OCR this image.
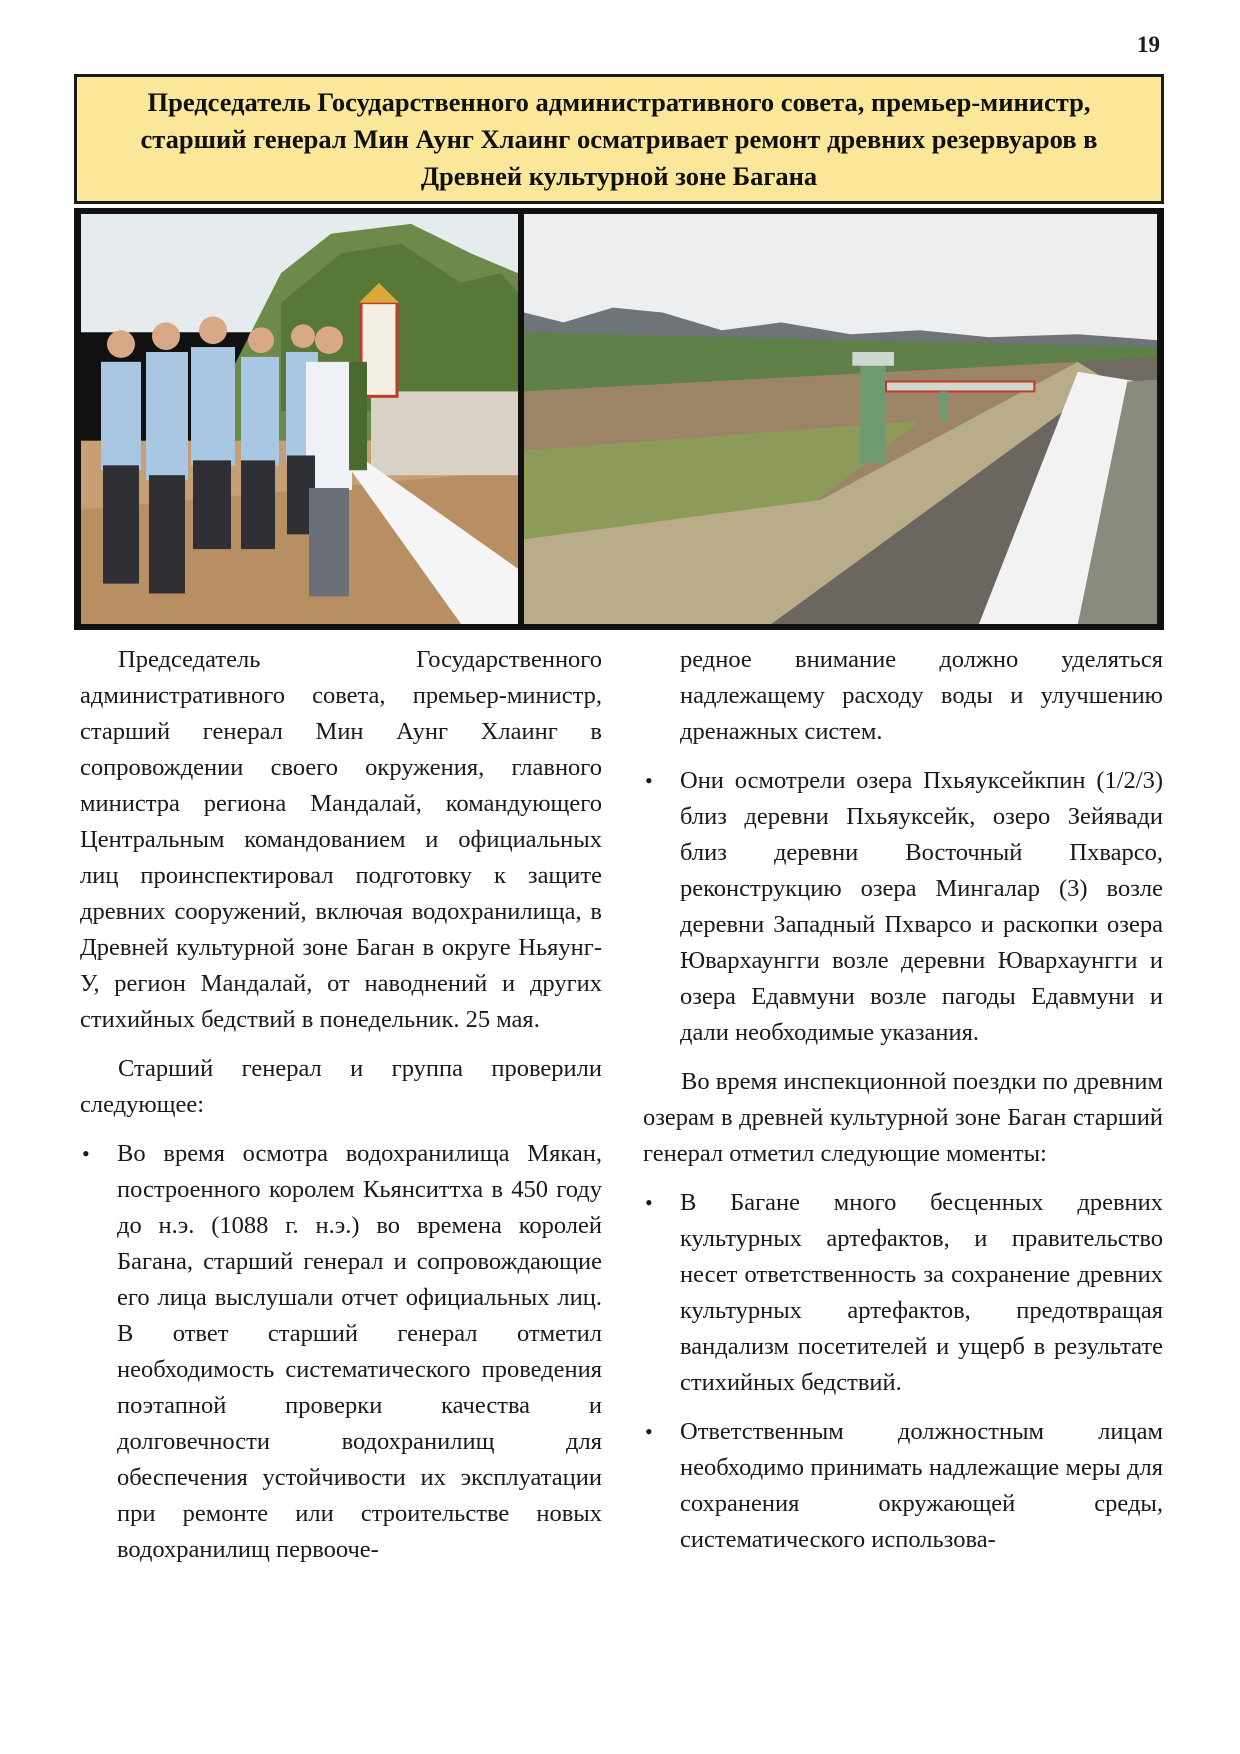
19
Председатель Государственного административного совета, премьер-министр, старший генерал Мин Аунг Хлаинг осматривает ремонт древних резервуаров в Древней культурной зоне Багана

Председатель Государственного административного совета, премьер-министр, старший генерал Мин Аунг Хлаинг в сопровождении своего окружения, главного министра региона Мандалай, командующего Центральным командованием и официальных лиц проинспектировал подготовку к защите древних сооружений, включая водохранилища, в Древней культурной зоне Баган в округе Ньяунг-У, регион Мандалай, от наводнений и других стихийных бедствий в понедельник. 25 мая.

Старший генерал и группа проверили следующее:

• Во время осмотра водохранилища Мякан, построенного королем Кьянситтха в 450 году до н.э. (1088 г. н.э.) во времена королей Багана, старший генерал и сопровождающие его лица выслушали отчет официальных лиц. В ответ старший генерал отметил необходимость систематического проведения поэтапной проверки качества и долговечности водохранилищ для обеспечения устойчивости их эксплуатации при ремонте или строительстве новых водохранилищ первооче-

редное внимание должно уделяться надлежащему расходу воды и улучшению дренажных систем.

• Они осмотрели озера Пхьяуксейкпин (1/2/3) близ деревни Пхьяуксейк, озеро Зейявади близ деревни Восточный Пхварсо, реконструкцию озера Мингалар (3) возле деревни Западный Пхварсо и раскопки озера Ювархаунгги возле деревни Ювархаунгги и озера Едавмуни возле пагоды Едавмуни и дали необходимые указания.

Во время инспекционной поездки по древним озерам в древней культурной зоне Баган старший генерал отметил следующие моменты:

• В Багане много бесценных древних культурных артефактов, и правительство несет ответственность за сохранение древних культурных артефактов, предотвращая вандализм посетителей и ущерб в результате стихийных бедствий.
• Ответственным должностным лицам необходимо принимать надлежащие меры для сохранения окружающей среды, систематического использова-
